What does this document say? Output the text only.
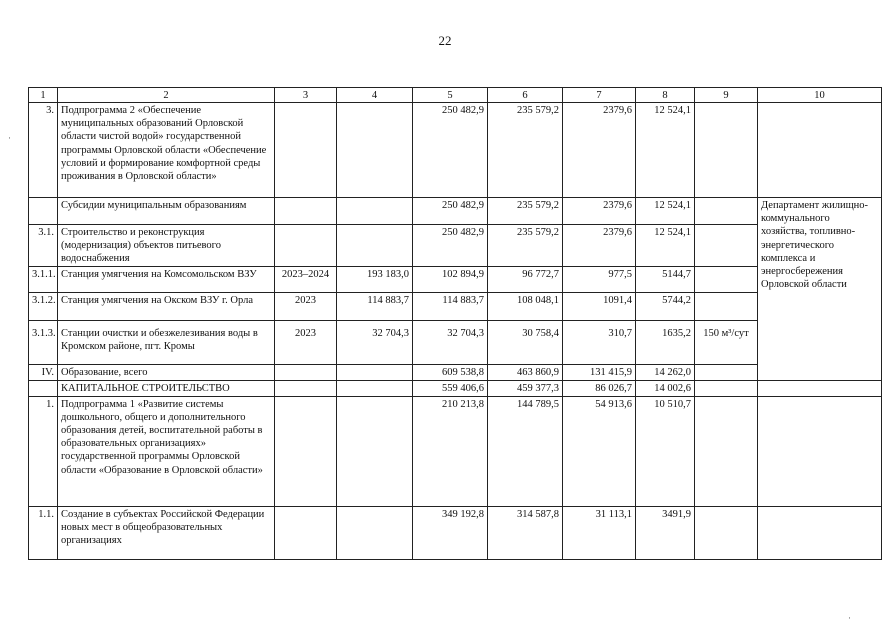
22
1	2	3	4	5	6	7	8	9	10	
3.	Подпрограмма 2 «Обеспечение муниципальных образований Орловской области чистой водой» государственной программы Орловской области «Обеспечение условий и формирование комфортной среды проживания в Орловской области»			250 482,9	235 579,2	2379,6	12 524,1			
	Субсидии муниципальным образованиям			250 482,9	235 579,2	2379,6	12 524,1		Департамент жилищно-коммунального хозяйства, топливно-энергетического комплекса и энергосбережения Орловской области	
3.1.	Строительство и реконструкция (модернизация) объектов питьевого водоснабжения			250 482,9	235 579,2	2379,6	12 524,1			
3.1.1.	Станция умягчения на Комсомольском ВЗУ	2023–2024	193 183,0	102 894,9	96 772,7	977,5	5144,7			
3.1.2.	Станция умягчения на Окском ВЗУ г. Орла	2023	114 883,7	114 883,7	108 048,1	1091,4	5744,2			
3.1.3.	Станции очистки и обезжелезивания воды в Кромском районе, пгт. Кромы	2023	32 704,3	32 704,3	30 758,4	310,7	1635,2	150 м³/сут		
IV.	Образование, всего			609 538,8	463 860,9	131 415,9	14 262,0			
	КАПИТАЛЬНОЕ СТРОИТЕЛЬСТВО			559 406,6	459 377,3	86 026,7	14 002,6			
1.	Подпрограмма 1 «Развитие системы дошкольного, общего и дополнительного образования детей, воспитательной работы в образовательных организациях» государственной программы Орловской области «Образование в Орловской области»			210 213,8	144 789,5	54 913,6	10 510,7			
1.1.	Создание в субъектах Российской Федерации новых мест в общеобразовательных организациях			349 192,8	314 587,8	31 113,1	3491,9			
·
·
